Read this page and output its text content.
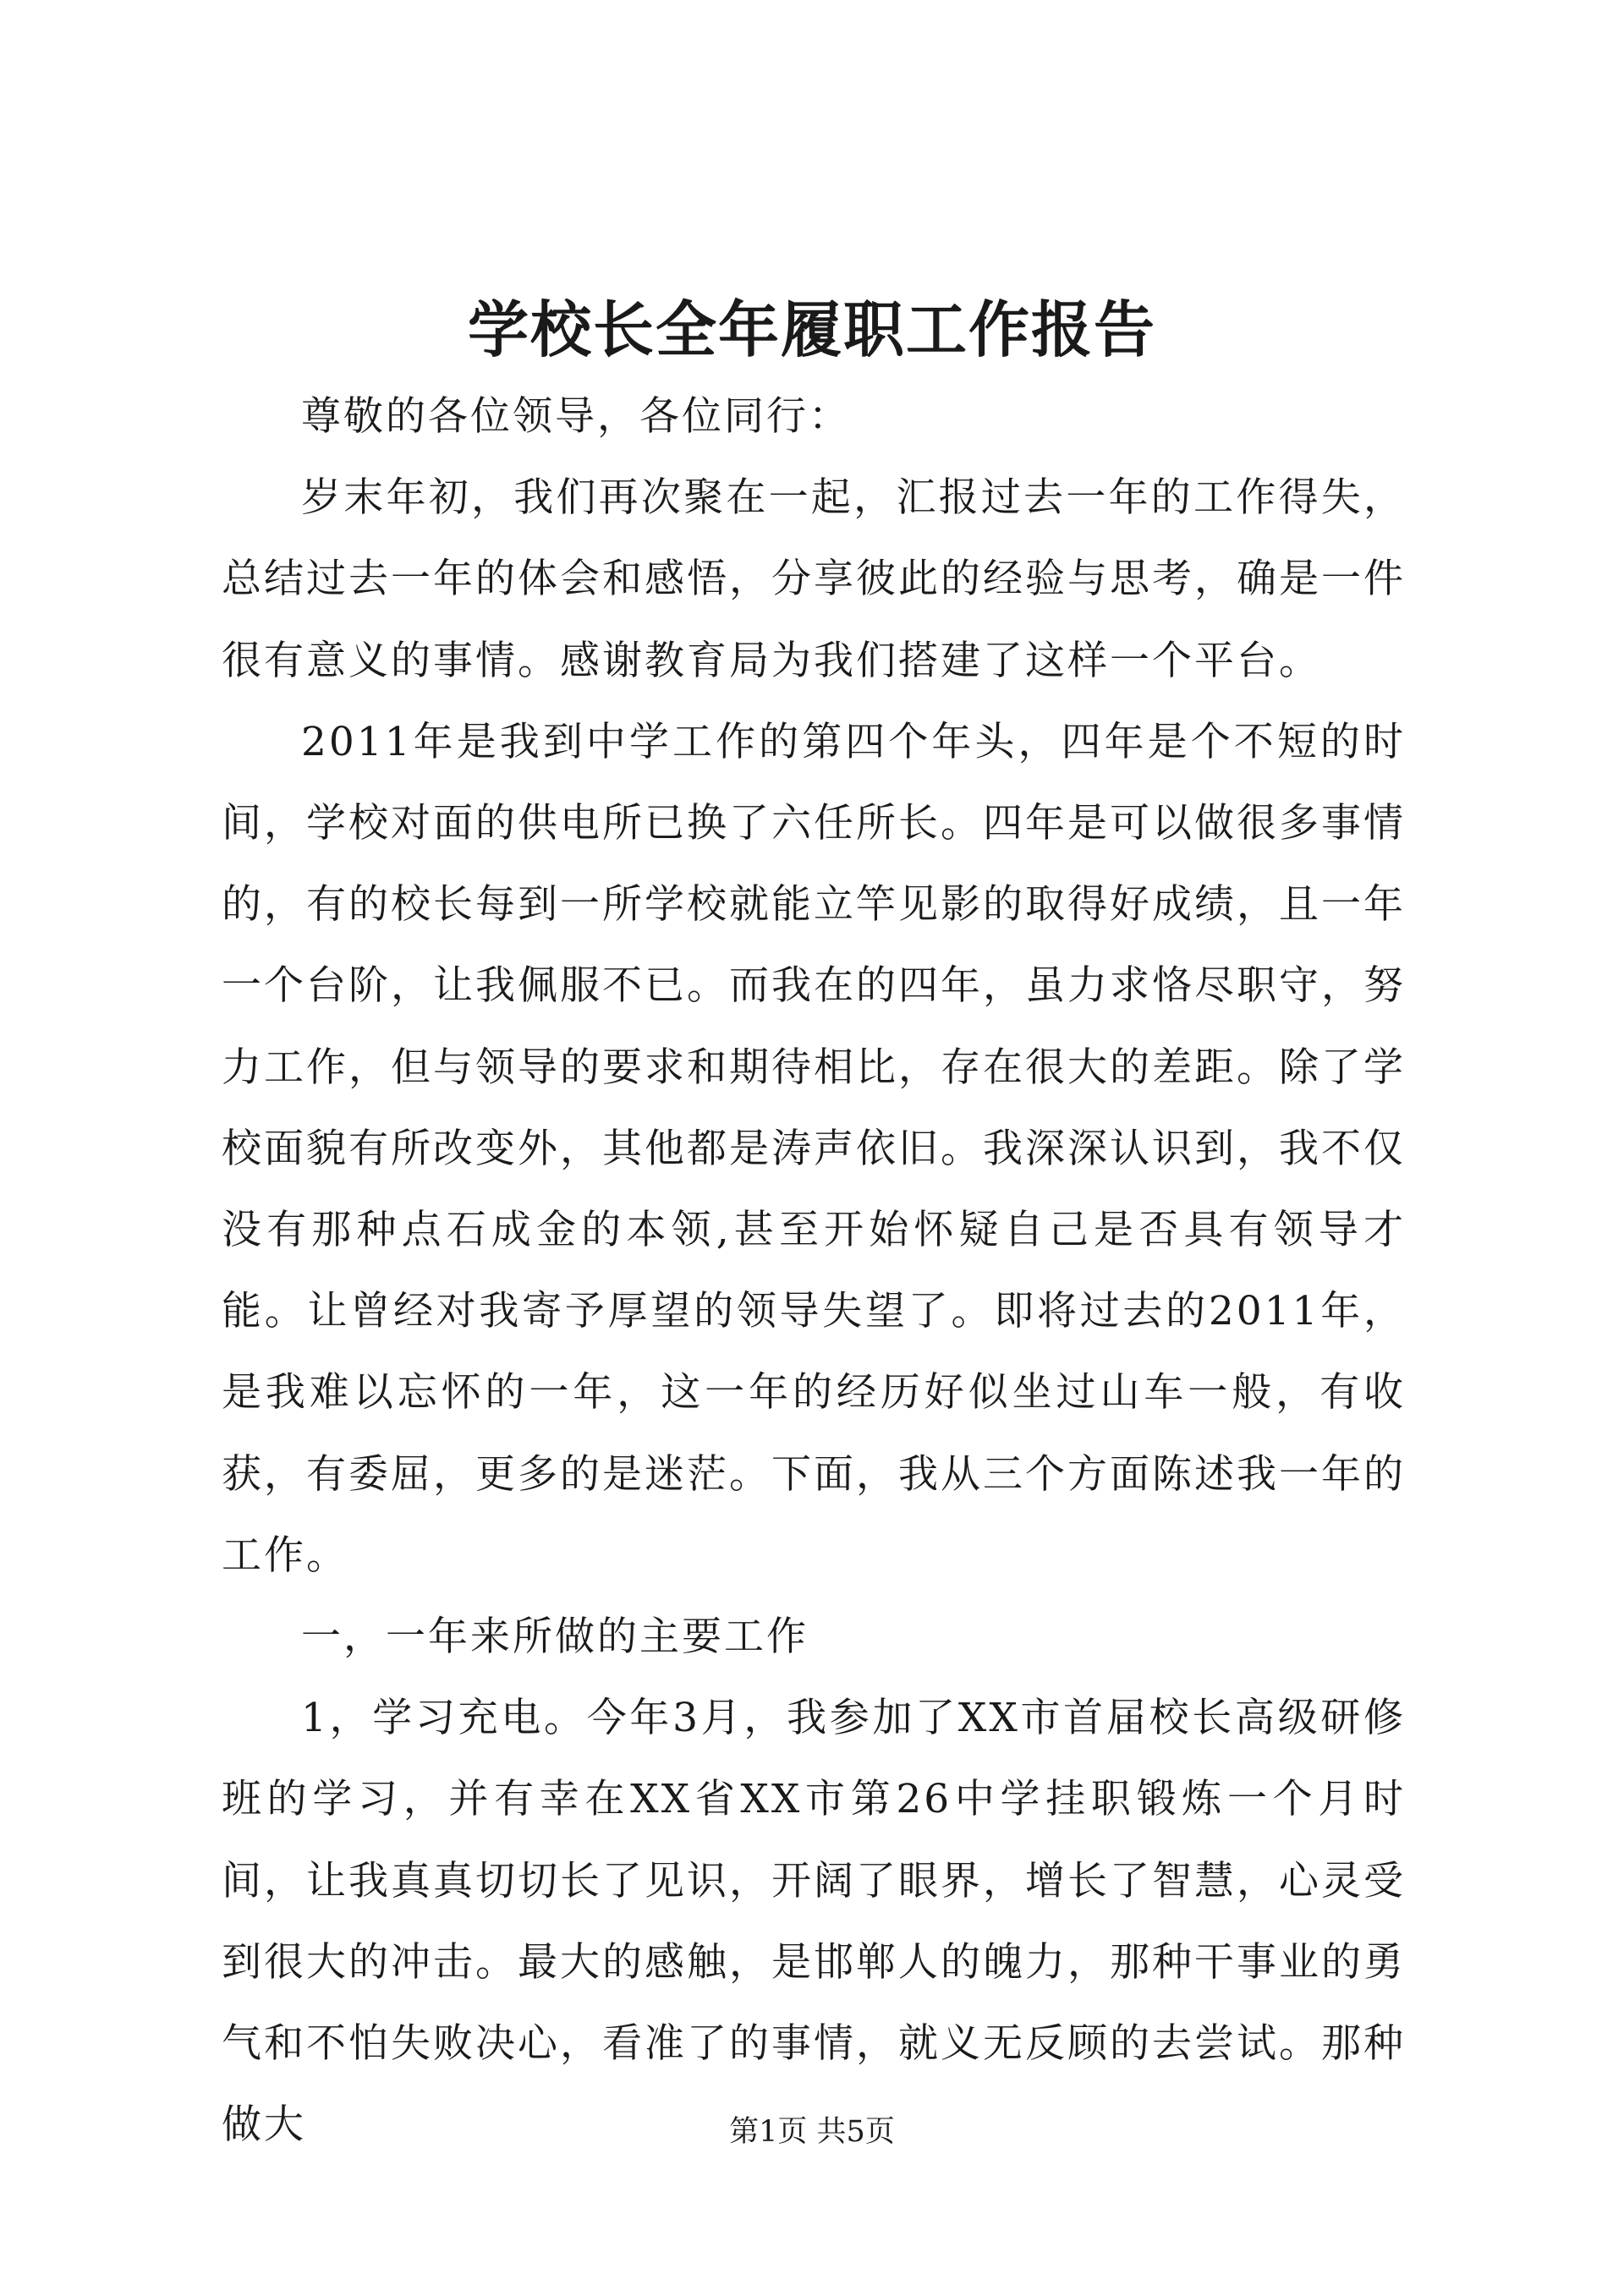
学校长全年履职工作报告

尊敬的各位领导，各位同行：

岁末年初，我们再次聚在一起，汇报过去一年的工作得失，总结过去一年的体会和感悟，分享彼此的经验与思考，确是一件很有意义的事情。感谢教育局为我们搭建了这样一个平台。

2011年是我到中学工作的第四个年头，四年是个不短的时间，学校对面的供电所已换了六任所长。四年是可以做很多事情的，有的校长每到一所学校就能立竿见影的取得好成绩，且一年一个台阶，让我佩服不已。而我在的四年，虽力求恪尽职守，努力工作，但与领导的要求和期待相比，存在很大的差距。除了学校面貌有所改变外，其他都是涛声依旧。我深深认识到，我不仅没有那种点石成金的本领,甚至开始怀疑自己是否具有领导才能。让曾经对我寄予厚望的领导失望了。即将过去的2011年，是我难以忘怀的一年，这一年的经历好似坐过山车一般，有收获，有委屈，更多的是迷茫。下面，我从三个方面陈述我一年的工作。

一，一年来所做的主要工作

1，学习充电。今年3月，我参加了XX市首届校长高级研修班的学习，并有幸在XX省XX市第26中学挂职锻炼一个月时间，让我真真切切长了见识，开阔了眼界，增长了智慧，心灵受到很大的冲击。最大的感触，是邯郸人的魄力，那种干事业的勇气和不怕失败决心，看准了的事情，就义无反顾的去尝试。那种做大	第1页 共5页
